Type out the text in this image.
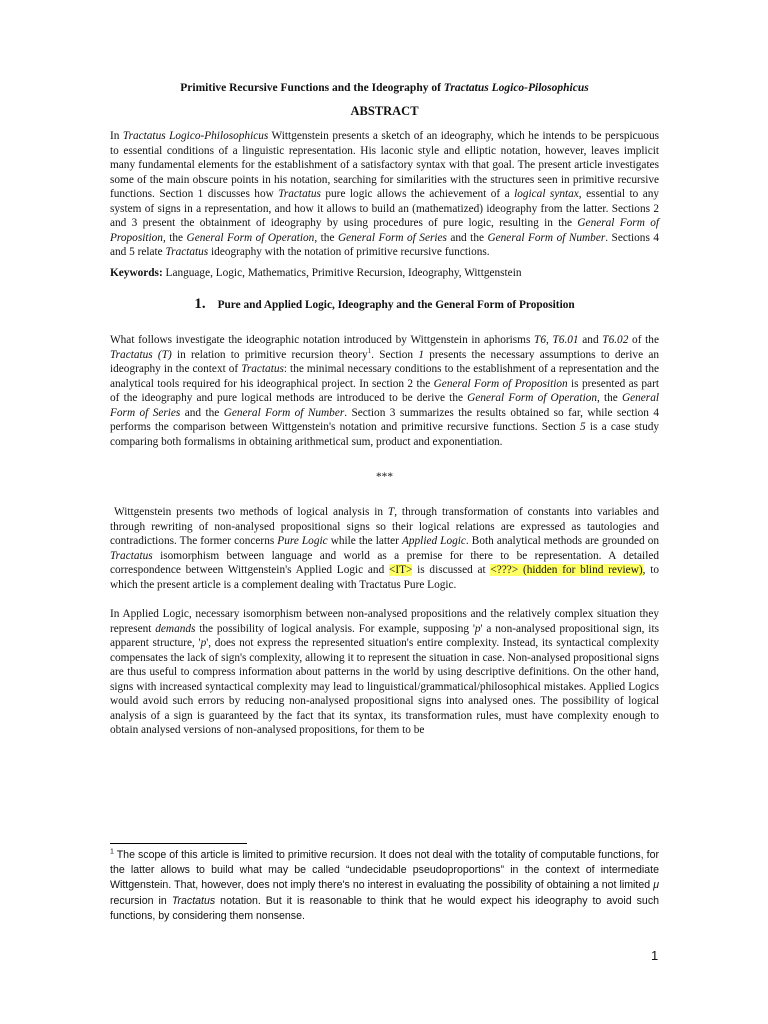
Primitive Recursive Functions and the Ideography of Tractatus Logico-Pilosophicus

ABSTRACT

In Tractatus Logico-Philosophicus Wittgenstein presents a sketch of an ideography, which he intends to be perspicuous to essential conditions of a linguistic representation. His laconic style and elliptic notation, however, leaves implicit many fundamental elements for the establishment of a satisfactory syntax with that goal. The present article investigates some of the main obscure points in his notation, searching for similarities with the structures seen in primitive recursive functions. Section 1 discusses how Tractatus pure logic allows the achievement of a logical syntax, essential to any system of signs in a representation, and how it allows to build an (mathematized) ideography from the latter. Sections 2 and 3 present the obtainment of ideography by using procedures of pure logic, resulting in the General Form of Proposition, the General Form of Operation, the General Form of Series and the General Form of Number. Sections 4 and 5 relate Tractatus ideography with the notation of primitive recursive functions.

Keywords: Language, Logic, Mathematics, Primitive Recursion, Ideography, Wittgenstein
1. Pure and Applied Logic, Ideography and the General Form of Proposition

What follows investigate the ideographic notation introduced by Wittgenstein in aphorisms T6, T6.01 and T6.02 of the Tractatus (T) in relation to primitive recursion theory$^1$. Section 1 presents the necessary assumptions to derive an ideography in the context of Tractatus: the minimal necessary conditions to the establishment of a representation and the analytical tools required for his ideographical project. In section 2 the General Form of Proposition is presented as part of the ideography and pure logical methods are introduced to be derive the General Form of Operation, the General Form of Series and the General Form of Number. Section 3 summarizes the results obtained so far, while section 4 performs the comparison between Wittgenstein's notation and primitive recursive functions. Section 5 is a case study comparing both formalisms in obtaining arithmetical sum, product and exponentiation.

***

Wittgenstein presents two methods of logical analysis in T, through transformation of constants into variables and through rewriting of non-analysed propositional signs so their logical relations are expressed as tautologies and contradictions. The former concerns Pure Logic while the latter Applied Logic. Both analytical methods are grounded on Tractatus isomorphism between language and world as a premise for there to be representation. A detailed correspondence between Wittgenstein's Applied Logic and <IT> is discussed at <???> (hidden for blind review), to which the present article is a complement dealing with Tractatus Pure Logic.

In Applied Logic, necessary isomorphism between non-analysed propositions and the relatively complex situation they represent demands the possibility of logical analysis. For example, supposing 'p' a non-analysed propositional sign, its apparent structure, 'p', does not express the represented situation's entire complexity. Instead, its syntactical complexity compensates the lack of sign's complexity, allowing it to represent the situation in case. Non-analysed propositional signs are thus useful to compress information about patterns in the world by using descriptive definitions. On the other hand, signs with increased syntactical complexity may lead to linguistical/grammatical/philosophical mistakes. Applied Logics would avoid such errors by reducing non-analysed propositional signs into analysed ones. The possibility of logical analysis of a sign is guaranteed by the fact that its syntax, its transformation rules, must have complexity enough to obtain analysed versions of non-analysed propositions, for them to be

$^1$ The scope of this article is limited to primitive recursion. It does not deal with the totality of computable functions, for the latter allows to build what may be called “undecidable pseudoproportions” in the context of intermediate Wittgenstein. That, however, does not imply there's no interest in evaluating the possibility of obtaining a not limited μ recursion in Tractatus notation. But it is reasonable to think that he would expect his ideography to avoid such functions, by considering them nonsense.
1
